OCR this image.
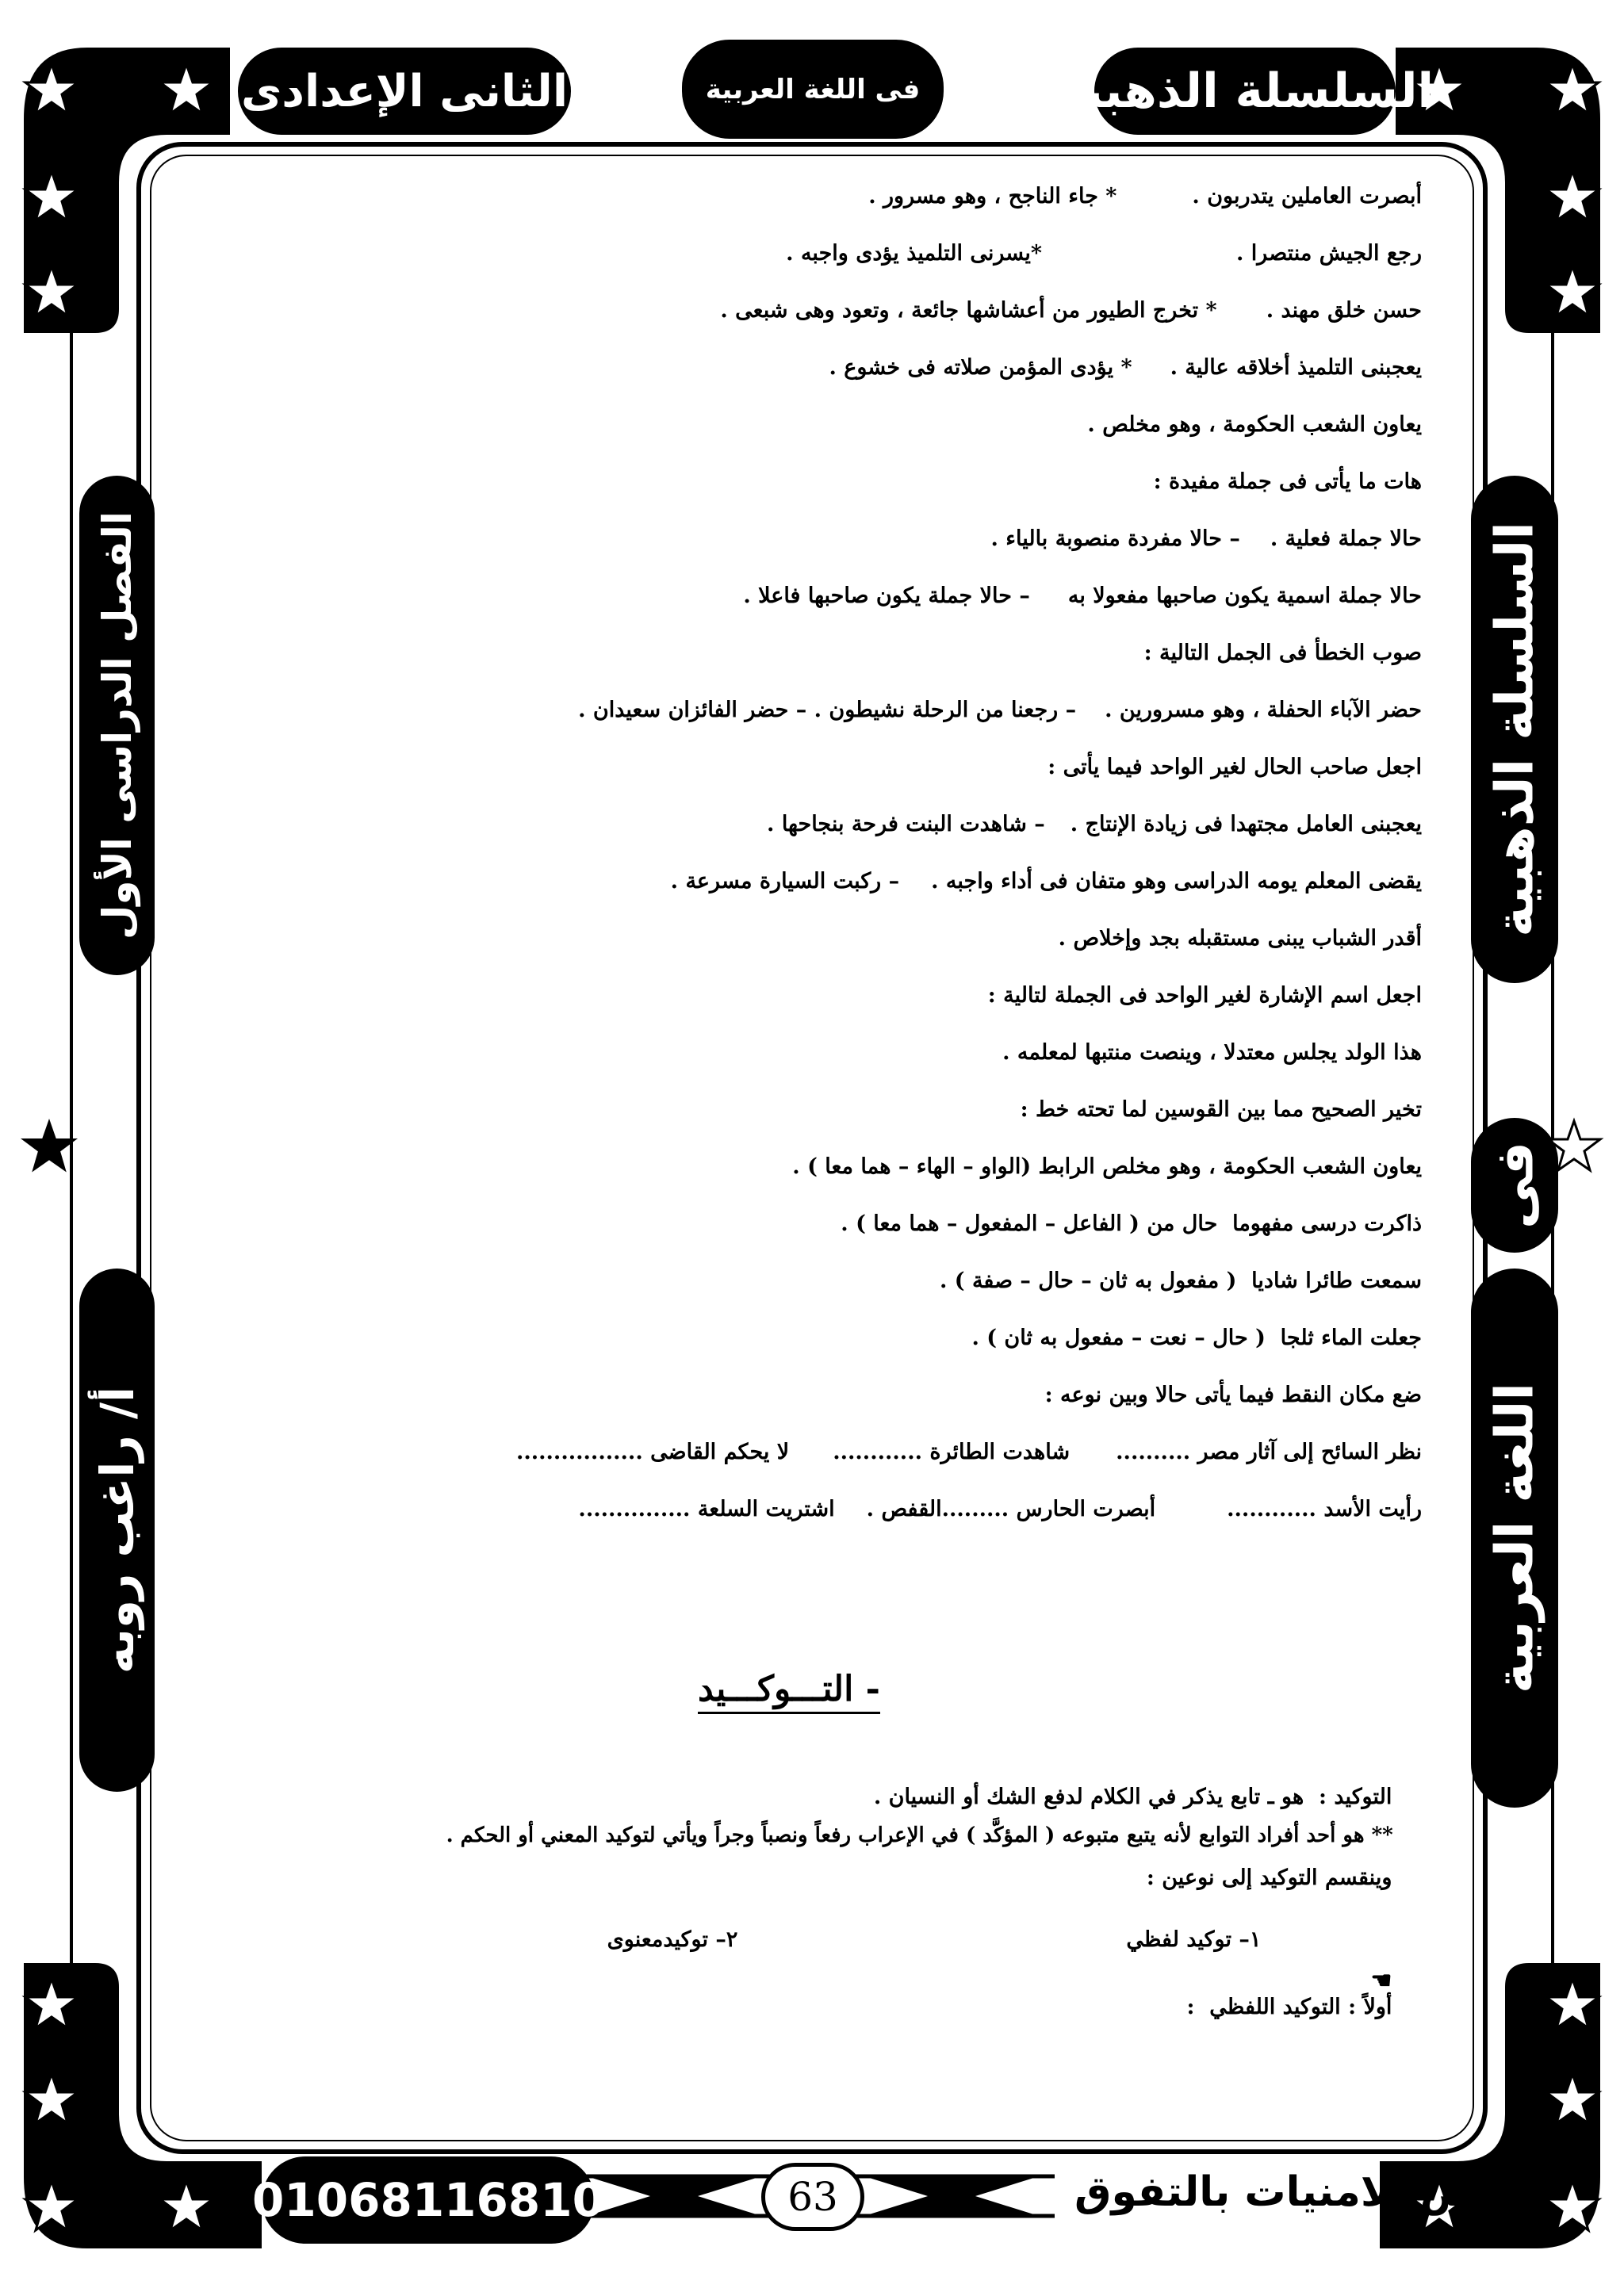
السلسلة الذهبية
فى اللغة العربية
الثانى الإعدادى
الفصل الدراسى الأول
أ/ راغب روبه
السلسلة الذهبية
فى
اللغة العربية
أبصرت العاملين يتدربون .* جاء الناجح ، وهو مسرور .
رجع الجيش منتصرا .*يسرنى التلميذ يؤدى واجبه .
حسن خلق مهند .* تخرج الطيور من أعشاشها جائعة ، وتعود وهى شبعى .
يعجبنى التلميذ أخلاقه عالية .* يؤدى المؤمن صلاته فى خشوع .
يعاون الشعب الحكومة ، وهو مخلص .
هات ما يأتى فى جملة مفيدة :
حالا جملة فعلية .– حالا مفردة منصوبة بالياء .
حالا جملة اسمية يكون صاحبها مفعولا به– حالا جملة يكون صاحبها فاعلا .
صوب الخطأ فى الجمل التالية :
حضر الآباء الحفلة ، وهو مسرورين .– رجعنا من الرحلة نشيطون . – حضر الفائزان سعيدان .
اجعل صاحب الحال لغير الواحد فيما يأتى :
يعجبنى العامل مجتهدا فى زيادة الإنتاج .– شاهدت البنت فرحة بنجاحها .
يقضى المعلم يومه الدراسى وهو متفان فى أداء واجبه .– ركبت السيارة مسرعة .
أقدر الشباب يبنى مستقبله بجد وإخلاص .
اجعل اسم الإشارة لغير الواحد فى الجملة لتالية :
هذا الولد يجلس معتدلا ، وينصت منتبها لمعلمه .
تخير الصحيح مما بين القوسين لما تحته خط :
يعاون الشعب الحكومة ، وهو مخلص الرابط (الواو – الهاء – هما معا ) .
ذاكرت درسى مفهوما  حال من ( الفاعل – المفعول – هما معا ) .
سمعت طائرا شاديا  ( مفعول به ثان – حال – صفة ) .
جعلت الماء ثلجا  ( حال – نعت – مفعول به ثان ) .
ضع مكان النقط فيما يأتى حالا وبين نوعه :
نظر السائح إلى آثار مصر ..........شاهدت الطائرة ............لا يحكم القاضى .................
رأيت الأسد ............أبصرت الحارس .........القفص .اشتريت السلعة ...............
- التـــوكـــيد

التوكيد :  هو ـ تابع يذكر في الكلام لدفع الشك أو النسيان .

** هو أحد أفراد التوابع لأنه يتبع متبوعه ( المؤكَّد ) في الإعراب رفعاً ونصباً وجراً ويأتي لتوكيد المعني أو الحكم .

وينقسم التوكيد إلى نوعين :

١– توكيد لفظي

٢– توكيدمعنوى

☚
أولاً : التوكيد اللفظي  :

01068116810	63	خالص الامنيات بالتفوق
